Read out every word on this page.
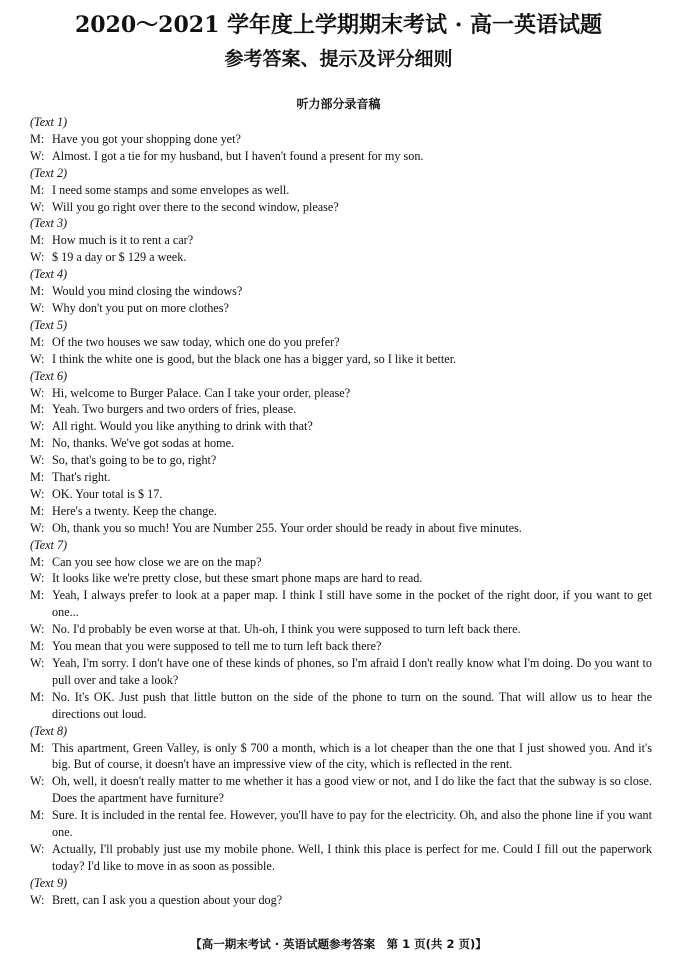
2020～2021 学年度上学期期末考试 · 高一英语试题
参考答案、提示及评分细则
听力部分录音稿
(Text 1)
M: Have you got your shopping done yet?
W: Almost. I got a tie for my husband, but I haven't found a present for my son.
(Text 2)
M: I need some stamps and some envelopes as well.
W: Will you go right over there to the second window, please?
(Text 3)
M: How much is it to rent a car?
W: $ 19 a day or $ 129 a week.
(Text 4)
M: Would you mind closing the windows?
W: Why don't you put on more clothes?
(Text 5)
M: Of the two houses we saw today, which one do you prefer?
W: I think the white one is good, but the black one has a bigger yard, so I like it better.
(Text 6)
W: Hi, welcome to Burger Palace. Can I take your order, please?
M: Yeah. Two burgers and two orders of fries, please.
W: All right. Would you like anything to drink with that?
M: No, thanks. We've got sodas at home.
W: So, that's going to be to go, right?
M: That's right.
W: OK. Your total is $ 17.
M: Here's a twenty. Keep the change.
W: Oh, thank you so much! You are Number 255. Your order should be ready in about five minutes.
(Text 7)
M: Can you see how close we are on the map?
W: It looks like we're pretty close, but these smart phone maps are hard to read.
M: Yeah, I always prefer to look at a paper map. I think I still have some in the pocket of the right door, if you want to get one...
W: No. I'd probably be even worse at that. Uh-oh, I think you were supposed to turn left back there.
M: You mean that you were supposed to tell me to turn left back there?
W: Yeah, I'm sorry. I don't have one of these kinds of phones, so I'm afraid I don't really know what I'm doing. Do you want to pull over and take a look?
M: No. It's OK. Just push that little button on the side of the phone to turn on the sound. That will allow us to hear the directions out loud.
(Text 8)
M: This apartment, Green Valley, is only $ 700 a month, which is a lot cheaper than the one that I just showed you. And it's big. But of course, it doesn't have an impressive view of the city, which is reflected in the rent.
W: Oh, well, it doesn't really matter to me whether it has a good view or not, and I do like the fact that the subway is so close. Does the apartment have furniture?
M: Sure. It is included in the rental fee. However, you'll have to pay for the electricity. Oh, and also the phone line if you want one.
W: Actually, I'll probably just use my mobile phone. Well, I think this place is perfect for me. Could I fill out the paperwork today? I'd like to move in as soon as possible.
(Text 9)
W: Brett, can I ask you a question about your dog?
【高一期末考试 · 英语试题参考答案　第 1 页(共 2 页)】
